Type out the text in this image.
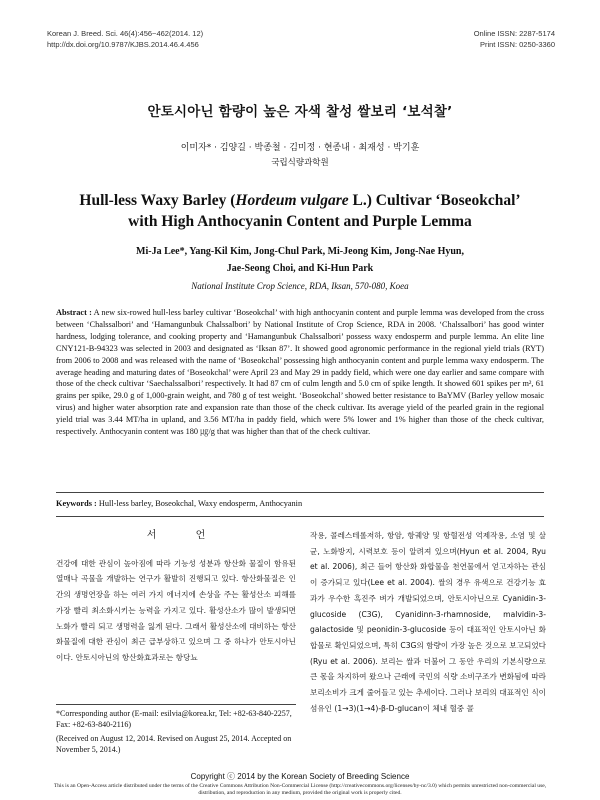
Korean J. Breed. Sci. 46(4):456~462(2014. 12)
http://dx.doi.org/10.9787/KJBS.2014.46.4.456
Online ISSN: 2287-5174
Print ISSN: 0250-3360
안토시아닌 함량이 높은 자색 찰성 쌀보리 ‘보석찰’
이미자* · 김양길 · 박종철 · 김미정 · 현종내 · 최재성 · 박기훈
국립식량과학원
Hull-less Waxy Barley (Hordeum vulgare L.) Cultivar ‘Boseokchal’
with High Anthocyanin Content and Purple Lemma
Mi-Ja Lee*, Yang-Kil Kim, Jong-Chul Park, Mi-Jeong Kim, Jong-Nae Hyun,
Jae-Seong Choi, and Ki-Hun Park
National Institute Crop Science, RDA, Iksan, 570-080, Koea
Abstract : A new six-rowed hull-less barley cultivar ‘Boseokchal’ with high anthocyanin content and purple lemma was developed from the cross between ‘Chalssalbori’ and ‘Hamangunbuk Chalssalbori’ by National Institute of Crop Science, RDA in 2008. ‘Chalssalbori’ has good winter hardness, lodging tolerance, and cooking property and ‘Hamangunbuk Chalssalbori’ possess waxy endosperm and purple lemma. An elite line CNY121-B-94323 was selected in 2003 and designated as ‘Iksan 87’. It showed good agronomic performance in the regional yield trials (RYT) from 2006 to 2008 and was released with the name of ‘Boseokchal’ possessing high anthocyanin content and purple lemma waxy endosperm. The average heading and maturing dates of ‘Boseokchal’ were April 23 and May 29 in paddy field, which were one day earlier and same compare with those of the check cultivar ‘Saechalssalbori’ respectively. It had 87 cm of culm length and 5.0 cm of spike length. It showed 601 spikes per m², 61 grains per spike, 29.0 g of 1,000-grain weight, and 780 g of test weight. ‘Boseokchal’ showed better resistance to BaYMV (Barley yellow mosaic virus) and higher water absorption rate and expansion rate than those of the check cultivar. Its average yield of the pearled grain in the regional yield trial was 3.44 MT/ha in upland, and 3.56 MT/ha in paddy field, which were 5% lower and 1% higher than those of the check cultivar, respectively. Anthocyanin content was 180 ㎍/g that was higher than that of the check cultivar.
Keywords : Hull-less barley, Boseokchal, Waxy endosperm, Anthocyanin
서 언

건강에 대한 관심이 높아짐에 따라 기능성 성분과 항산화 물질이 함유된 열매나 곡물을 개발하는 연구가 활발히 진행되고 있다. 항산화물질은 인간의 생명연장을 하는 여러 가지 에너지에 손상을 주는 활성산소 피해를 가장 빨리 최소화시키는 능력을 가지고 있다. 활성산소가 많이 발생되면 노화가 빨리 되고 생명력을 잃게 된다. 그래서 활성산소에 대비하는 항산화물질에 대한 관심이 최근 급부상하고 있으며 그 중 하나가 안토시아닌이다. 안토시아닌의 항산화효과로는 항당뇨

작용, 콜레스테롤저하, 항암, 항궤양 및 항혈전성 억제작용, 소염 및 살균, 노화방지, 시력보호 등이 알려져 있으며(Hyun et al. 2004, Ryu et al. 2006), 최근 들어 항산화 화합물을 천연물에서 얻고자하는 관심이 증가되고 있다(Lee et al. 2004). 쌀의 경우 유색으로 건강기능 효과가 우수한 흑진주 벼가 개발되었으며, 안토시아닌으로 Cyanidin-3-glucoside (C3G), Cyanidinn-3-rhamnoside, malvidin-3-galactoside 및 peonidin-3-glucoside 등이 대표적인 안토시아닌 화합물로 확인되었으며, 특히 C3G의 함량이 가장 높은 것으로 보고되었다(Ryu et al. 2006). 보리는 쌀과 더불어 그 동안 우리의 기본식량으로 큰 몫을 차지하여 왔으나 근래에 국민의 식량 소비구조가 변화됨에 따라 보리소비가 크게 줄어들고 있는 추세이다. 그러나 보리의 대표적인 식이섬유인 (1→3)(1→4)-β-D-glucan이 체내 혈중 콜

*Corresponding author (E-mail: esilvia@korea.kr, Tel: +82-63-840-2257, Fax: +82-63-840-2116)
(Received on August 12, 2014. Revised on August 25, 2014. Accepted on November 5, 2014.)
Copyright ⓒ 2014 by the Korean Society of Breeding Science
This is an Open-Access article distributed under the terms of the Creative Commons Attribution Non-Commercial License (http://creativecommons.org/licenses/by-nc/3.0) which permits unrestricted non-commercial use, distribution, and reproduction in any medium, provided the original work is properly cited.
